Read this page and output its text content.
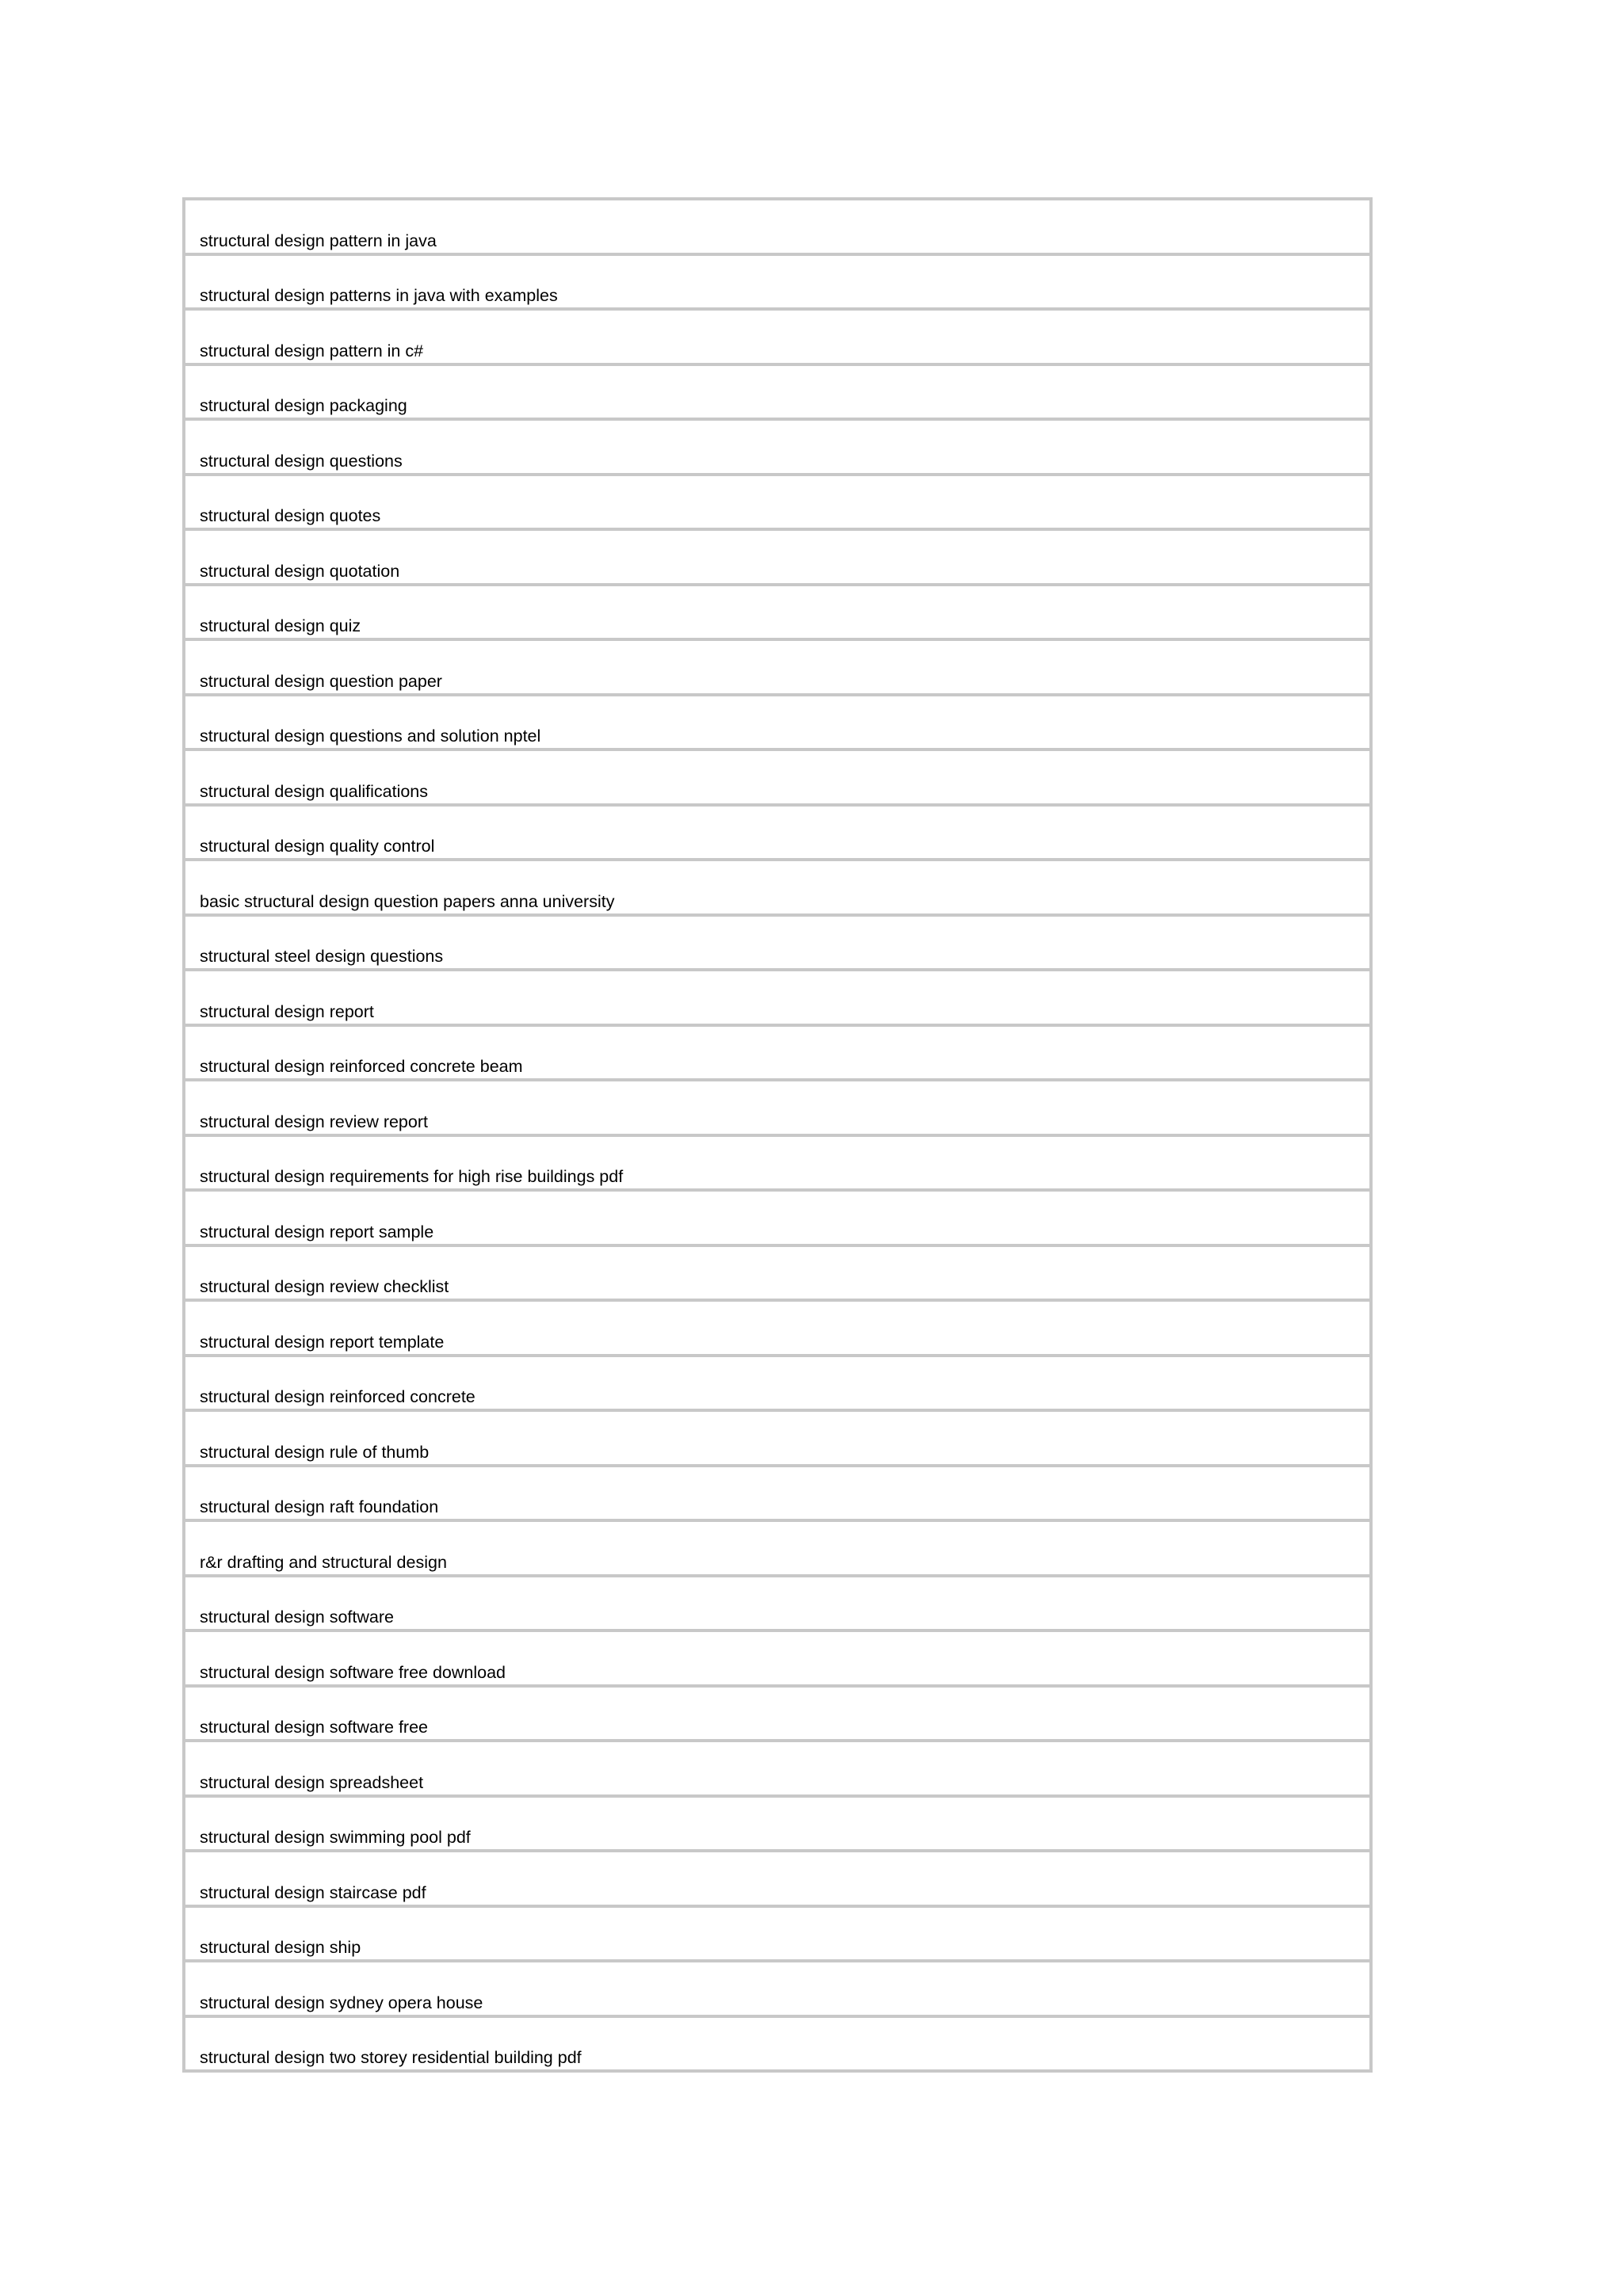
structural design pattern in java
structural design patterns in java with examples
structural design pattern in c#
structural design packaging
structural design questions
structural design quotes
structural design quotation
structural design quiz
structural design question paper
structural design questions and solution nptel
structural design qualifications
structural design quality control
basic structural design question papers anna university
structural steel design questions
structural design report
structural design reinforced concrete beam
structural design review report
structural design requirements for high rise buildings pdf
structural design report sample
structural design review checklist
structural design report template
structural design reinforced concrete
structural design rule of thumb
structural design raft foundation
r&r drafting and structural design
structural design software
structural design software free download
structural design software free
structural design spreadsheet
structural design swimming pool pdf
structural design staircase pdf
structural design ship
structural design sydney opera house
structural design two storey residential building pdf
